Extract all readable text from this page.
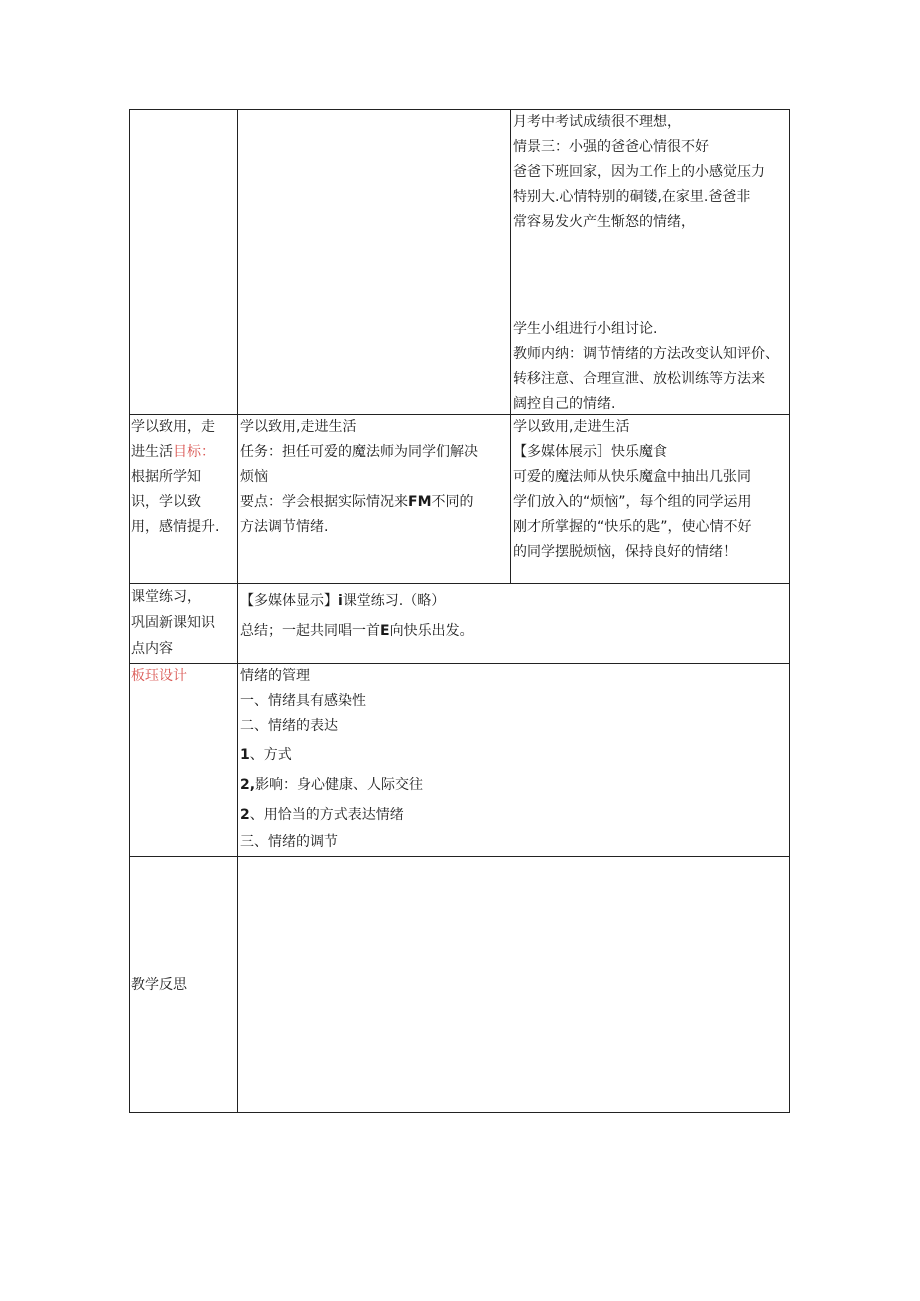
月考中考试成绩很不理想，

情景三：小强的爸爸心情很不好

爸爸下班回家，因为工作上的小感觉压力

特别大.心情特别的硐镂,在家里.爸爸非

常容易发火产生惭怒的情绪，

学生小组进行小组讨论.

教师内纳：调节情绪的方法改变认知评价、

转移注意、合理宣泄、放松训练等方法来

阔控自己的情绪.

学以致用，走

进生活目标：

根据所学知

识，学以致

用，感情提升.

学以致用,走进生活

任务：担任可爱的魔法师为同学们解决

烦恼

要点：学会根据实际情况来FM不同的

方法调节情绪.

学以致用,走进生活

【多媒体展示］快乐魔食

可爱的魔法师从快乐魔盒中抽出几张同

学们放入的“烦恼”，每个组的同学运用

刚才所掌握的“快乐的匙”，使心情不好

的同学摆脱烦恼，保持良好的情绪！

课堂练习，

巩固新课知识

点内容

【多媒体显示】i课堂练习.（略）

总结；一起共同唱一首E向快乐出发。

板珏设计	情绪的管理

一、情绪具有感染性

二、情绪的表达

1、方式

2,影响：身心健康、人际交往

2、用恰当的方式表达情绪

三、情绪的调节

教学反思
